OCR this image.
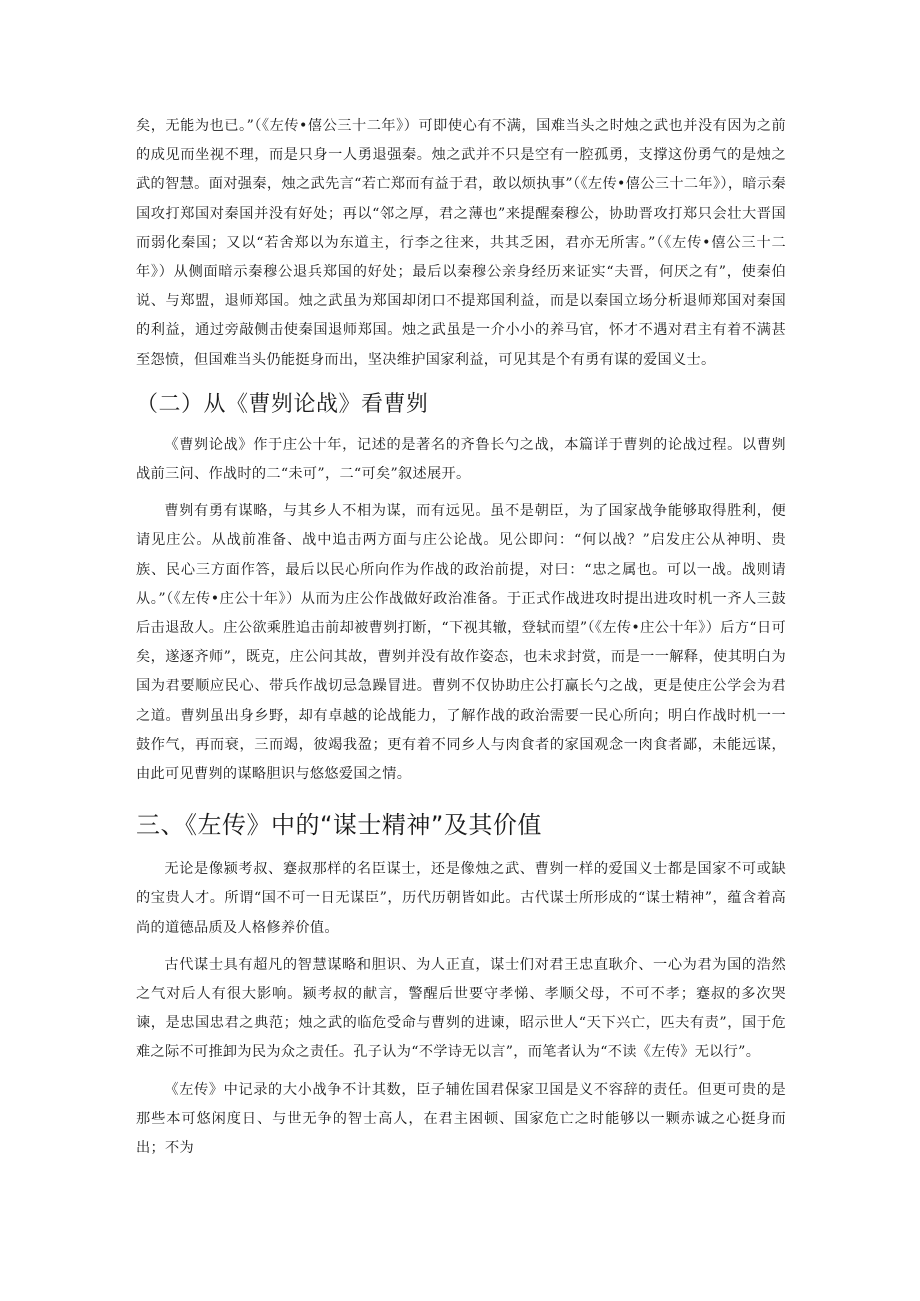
矣，无能为也已。”（《左传•僖公三十二年》）可即使心有不满，国难当头之时烛之武也并没有因为之前的成见而坐视不理，而是只身一人勇退强秦。烛之武并不只是空有一腔孤勇，支撑这份勇气的是烛之武的智慧。面对强秦，烛之武先言“若亡郑而有益于君，敢以烦执事”（《左传•僖公三十二年》），暗示秦国攻打郑国对秦国并没有好处；再以“邻之厚，君之薄也”来提醒秦穆公，协助晋攻打郑只会壮大晋国而弱化秦国；又以“若舍郑以为东道主，行李之往来，共其乏困，君亦无所害。”（《左传•僖公三十二年》）从侧面暗示秦穆公退兵郑国的好处；最后以秦穆公亲身经历来证实“夫晋，何厌之有”，使秦伯说、与郑盟，退师郑国。烛之武虽为郑国却闭口不提郑国利益，而是以秦国立场分析退师郑国对秦国的利益，通过旁敲侧击使秦国退师郑国。烛之武虽是一介小小的养马官，怀才不遇对君主有着不满甚至怨愤，但国难当头仍能挺身而出，坚决维护国家利益，可见其是个有勇有谋的爱国义士。

（二）从《曹刿论战》看曹刿

《曹刿论战》作于庄公十年，记述的是著名的齐鲁长勺之战，本篇详于曹刿的论战过程。以曹刿战前三问、作战时的二“未可”，二“可矣”叙述展开。

曹刿有勇有谋略，与其乡人不相为谋，而有远见。虽不是朝臣，为了国家战争能够取得胜利，便请见庄公。从战前准备、战中追击两方面与庄公论战。见公即问：“何以战？”启发庄公从神明、贵族、民心三方面作答，最后以民心所向作为作战的政治前提，对曰：“忠之属也。可以一战。战则请从。”（《左传•庄公十年》）从而为庄公作战做好政治准备。于正式作战进攻时提出进攻时机一齐人三鼓后击退敌人。庄公欲乘胜追击前却被曹刿打断，“下视其辙，登轼而望”（《左传•庄公十年》）后方“日可矣，遂逐齐师”，既克，庄公问其故，曹刿并没有故作姿态，也未求封赏，而是一一解释，使其明白为国为君要顺应民心、带兵作战切忌急躁冒进。曹刿不仅协助庄公打赢长勺之战，更是使庄公学会为君之道。曹刿虽出身乡野，却有卓越的论战能力，了解作战的政治需要一民心所向；明白作战时机一一鼓作气，再而衰，三而竭，彼竭我盈；更有着不同乡人与肉食者的家国观念一肉食者鄙，未能远谋，由此可见曹刿的谋略胆识与悠悠爱国之情。

三、《左传》中的“谋士精神”及其价值

无论是像颍考叔、蹇叔那样的名臣谋士，还是像烛之武、曹刿一样的爱国义士都是国家不可或缺的宝贵人才。所谓“国不可一日无谋臣”，历代历朝皆如此。古代谋士所形成的“谋士精神”，蕴含着高尚的道德品质及人格修养价值。

古代谋士具有超凡的智慧谋略和胆识、为人正直，谋士们对君王忠直耿介、一心为君为国的浩然之气对后人有很大影响。颍考叔的献言，警醒后世要守孝悌、孝顺父母，不可不孝；蹇叔的多次哭谏，是忠国忠君之典范；烛之武的临危受命与曹刿的进谏，昭示世人“天下兴亡，匹夫有责”，国于危难之际不可推卸为民为众之责任。孔子认为“不学诗无以言”，而笔者认为“不读《左传》无以行”。

《左传》中记录的大小战争不计其数，臣子辅佐国君保家卫国是义不容辞的责任。但更可贵的是那些本可悠闲度日、与世无争的智士高人，在君主困顿、国家危亡之时能够以一颗赤诚之心挺身而出；不为
